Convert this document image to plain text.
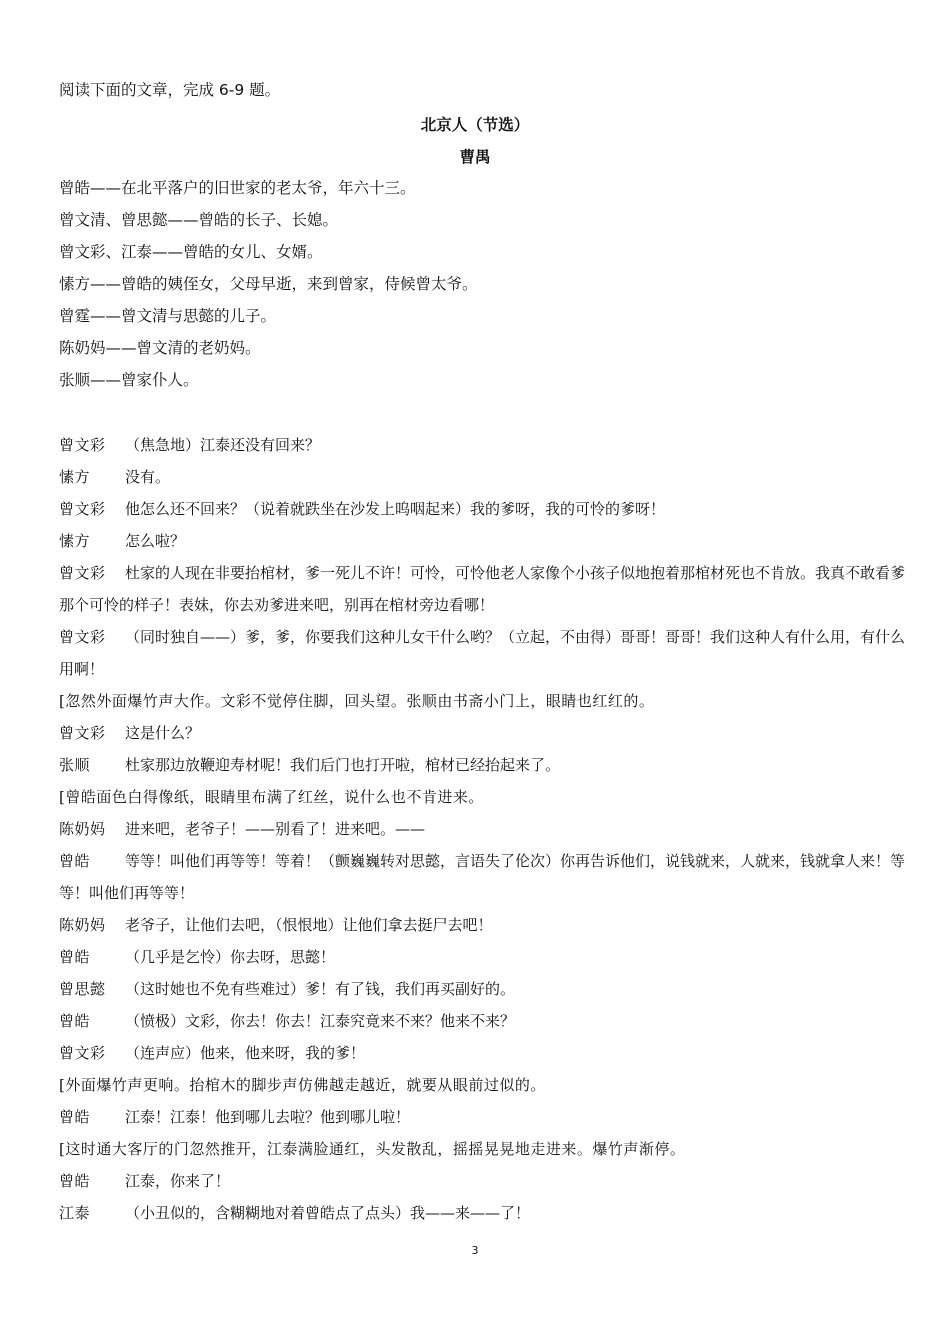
阅读下面的文章，完成 6-9 题。
北京人（节选）
曹禺
曾皓——在北平落户的旧世家的老太爷，年六十三。
曾文清、曾思懿——曾皓的长子、长媳。
曾文彩、江泰——曾皓的女儿、女婿。
愫方——曾皓的姨侄女，父母早逝，来到曾家，侍候曾太爷。
曾霆——曾文清与思懿的儿子。
陈奶妈——曾文清的老奶妈。
张顺——曾家仆人。
曾文彩 （焦急地）江泰还没有回来？
愫方 没有。
曾文彩 他怎么还不回来？（说着就跌坐在沙发上呜咽起来）我的爹呀，我的可怜的爹呀！
愫方 怎么啦？
曾文彩 杜家的人现在非要抬棺材，爹一死儿不许！可怜，可怜他老人家像个小孩子似地抱着那棺材死也不肯放。我真不敢看爹那个可怜的样子！表妹，你去劝爹进来吧，别再在棺材旁边看哪！
曾文彩 （同时独自——）爹，爹，你要我们这种儿女干什么哟？（立起，不由得）哥哥！哥哥！我们这种人有什么用，有什么用啊！
[忽然外面爆竹声大作。文彩不觉停住脚，回头望。张顺由书斋小门上，眼睛也红红的。
曾文彩 这是什么？
张顺 杜家那边放鞭迎寿材呢！我们后门也打开啦，棺材已经抬起来了。
[曾皓面色白得像纸，眼睛里布满了红丝，说什么也不肯进来。
陈奶妈 进来吧，老爷子！——别看了！进来吧。——
曾皓 等等！叫他们再等等！等着！（颤巍巍转对思懿，言语失了伦次）你再告诉他们，说钱就来，人就来，钱就拿人来！等等！叫他们再等等！
陈奶妈 老爷子，让他们去吧，（恨恨地）让他们拿去挺尸去吧！
曾皓 （几乎是乞怜）你去呀，思懿！
曾思懿 （这时她也不免有些难过）爹！有了钱，我们再买副好的。
曾皓 （愤极）文彩，你去！你去！江泰究竟来不来？他来不来？
曾文彩 （连声应）他来，他来呀，我的爹！
[外面爆竹声更响。抬棺木的脚步声仿佛越走越近，就要从眼前过似的。
曾皓 江泰！江泰！他到哪儿去啦？他到哪儿啦！
[这时通大客厅的门忽然推开，江泰满脸通红，头发散乱，摇摇晃晃地走进来。爆竹声渐停。
曾皓 江泰，你来了！
江泰 （小丑似的，含糊糊地对着曾皓点了点头）我——来——了！
3
